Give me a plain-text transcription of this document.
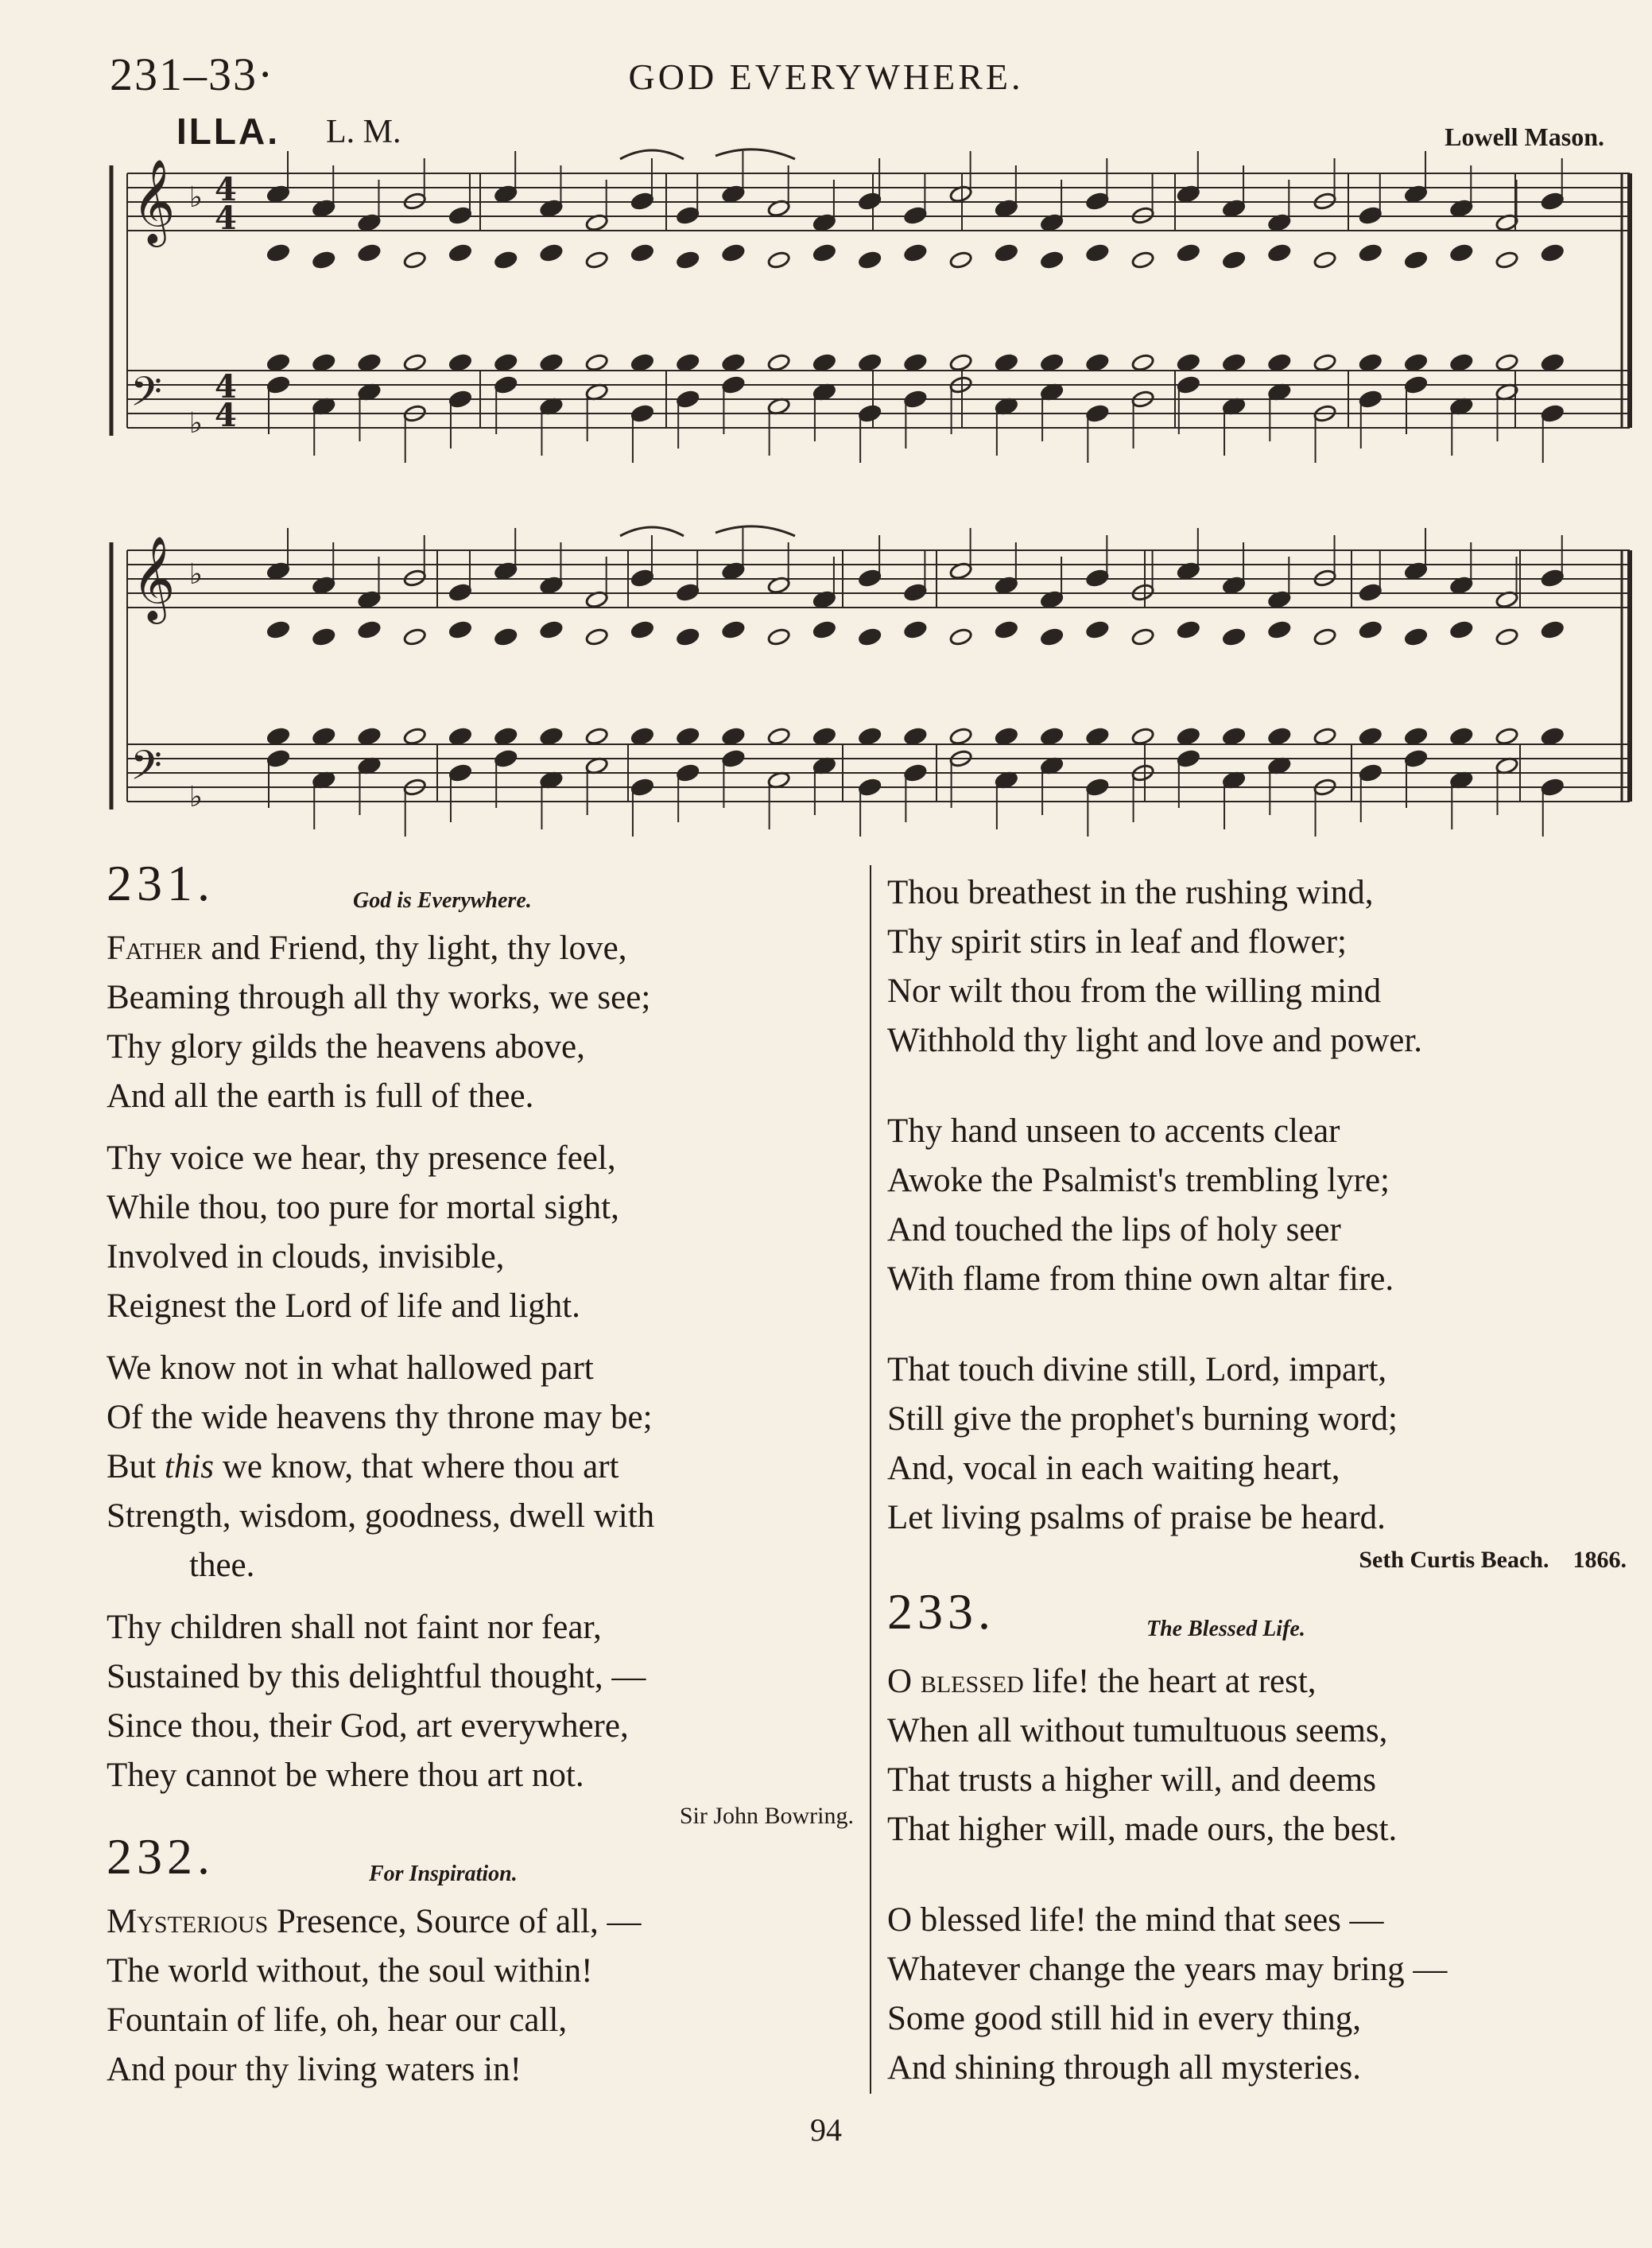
231–33·	GOD EVERYWHERE.
ILLA. L. M.	Lowell Mason.
𝄞
𝄢
♭
♭
4
4
4
4
𝄞
𝄢
♭
♭
231.	God is Everywhere.
Father and Friend, thy light, thy love,
Beaming through all thy works, we see;
Thy glory gilds the heavens above,
And all the earth is full of thee.
Thy voice we hear, thy presence feel,
While thou, too pure for mortal sight,
Involved in clouds, invisible,
Reignest the Lord of life and light.
We know not in what hallowed part
Of the wide heavens thy throne may be;
But this we know, that where thou art
Strength, wisdom, goodness, dwell with
thee.
Thy children shall not faint nor fear,
Sustained by this delightful thought, —
Since thou, their God, art everywhere,
They cannot be where thou art not.
Sir John Bowring.
232.	For Inspiration.
Mysterious Presence, Source of all, —
The world without, the soul within!
Fountain of life, oh, hear our call,
And pour thy living waters in!
Thou breathest in the rushing wind,
Thy spirit stirs in leaf and flower;
Nor wilt thou from the willing mind
Withhold thy light and love and power.
Thy hand unseen to accents clear
Awoke the Psalmist's trembling lyre;
And touched the lips of holy seer
With flame from thine own altar fire.
That touch divine still, Lord, impart,
Still give the prophet's burning word;
And, vocal in each waiting heart,
Let living psalms of praise be heard.
Seth Curtis Beach. 1866.
233.	The Blessed Life.
O blessed life! the heart at rest,
When all without tumultuous seems,
That trusts a higher will, and deems
That higher will, made ours, the best.
O blessed life! the mind that sees —
Whatever change the years may bring —
Some good still hid in every thing,
And shining through all mysteries.
94
